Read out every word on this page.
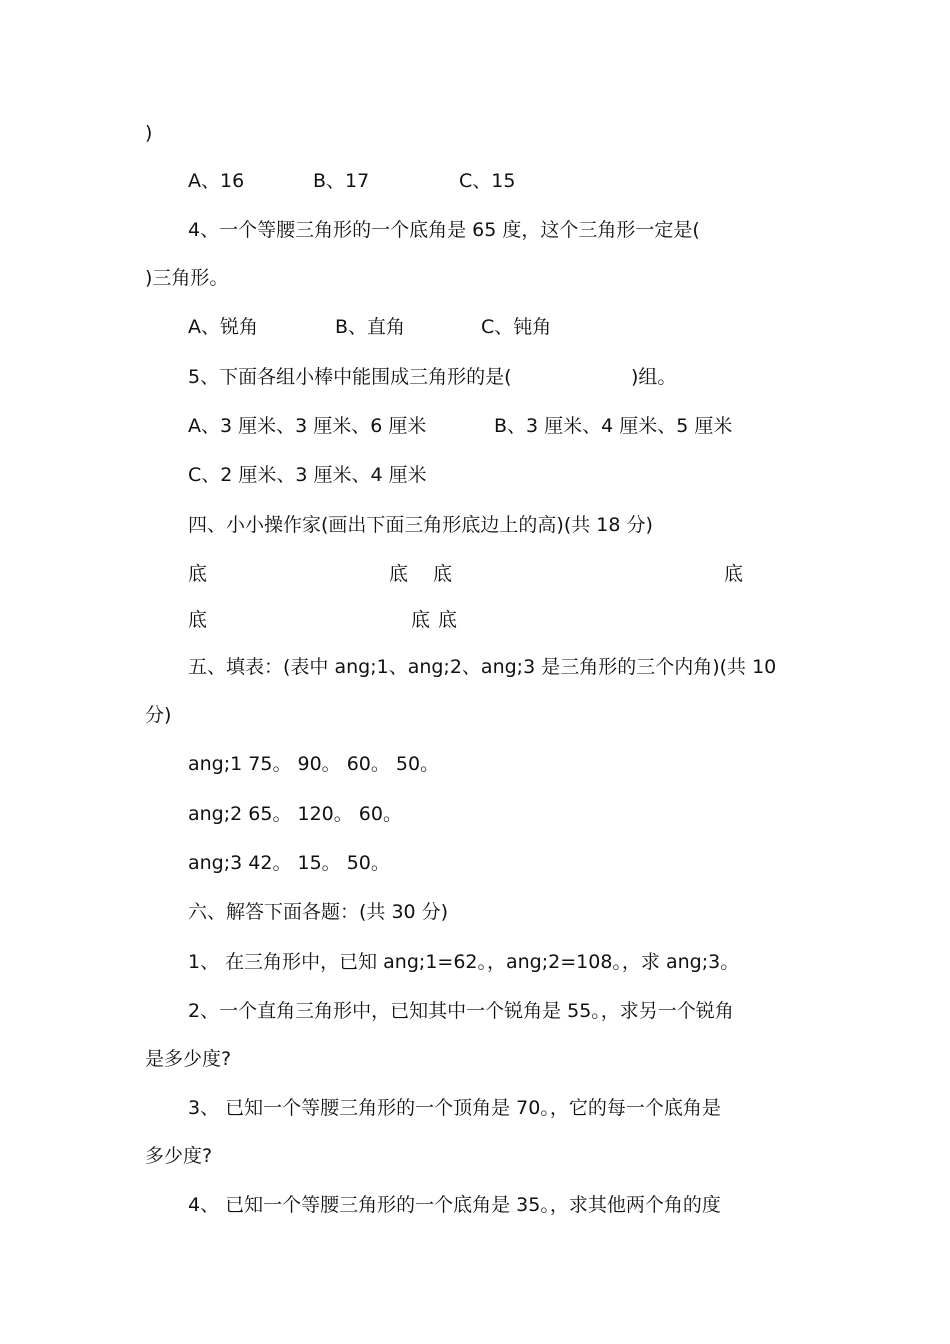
)
A、16	B、17	C、15
4、一个等腰三角形的一个底角是 65 度，这个三角形一定是(
)三角形。
A、锐角	B、直角	C、钝角
5、下面各组小棒中能围成三角形的是(	)组。
A、3 厘米、3 厘米、6 厘米	B、3 厘米、4 厘米、5 厘米
C、2 厘米、3 厘米、4 厘米
四、小小操作家(画出下面三角形底边上的高)(共 18 分)
底	底 底	底
底	底 底
五、填表：(表中 ang;1、ang;2、ang;3 是三角形的三个内角)(共 10
分)
ang;1 75。 90。 60。 50。
ang;2 65。 120。 60。
ang;3 42。 15。 50。
六、解答下面各题：(共 30 分)
1、 在三角形中，已知 ang;1=62。，ang;2=108。，求 ang;3。
2、一个直角三角形中，已知其中一个锐角是 55。，求另一个锐角
是多少度?
3、 已知一个等腰三角形的一个顶角是 70。，它的每一个底角是
多少度?
4、 已知一个等腰三角形的一个底角是 35。，求其他两个角的度
